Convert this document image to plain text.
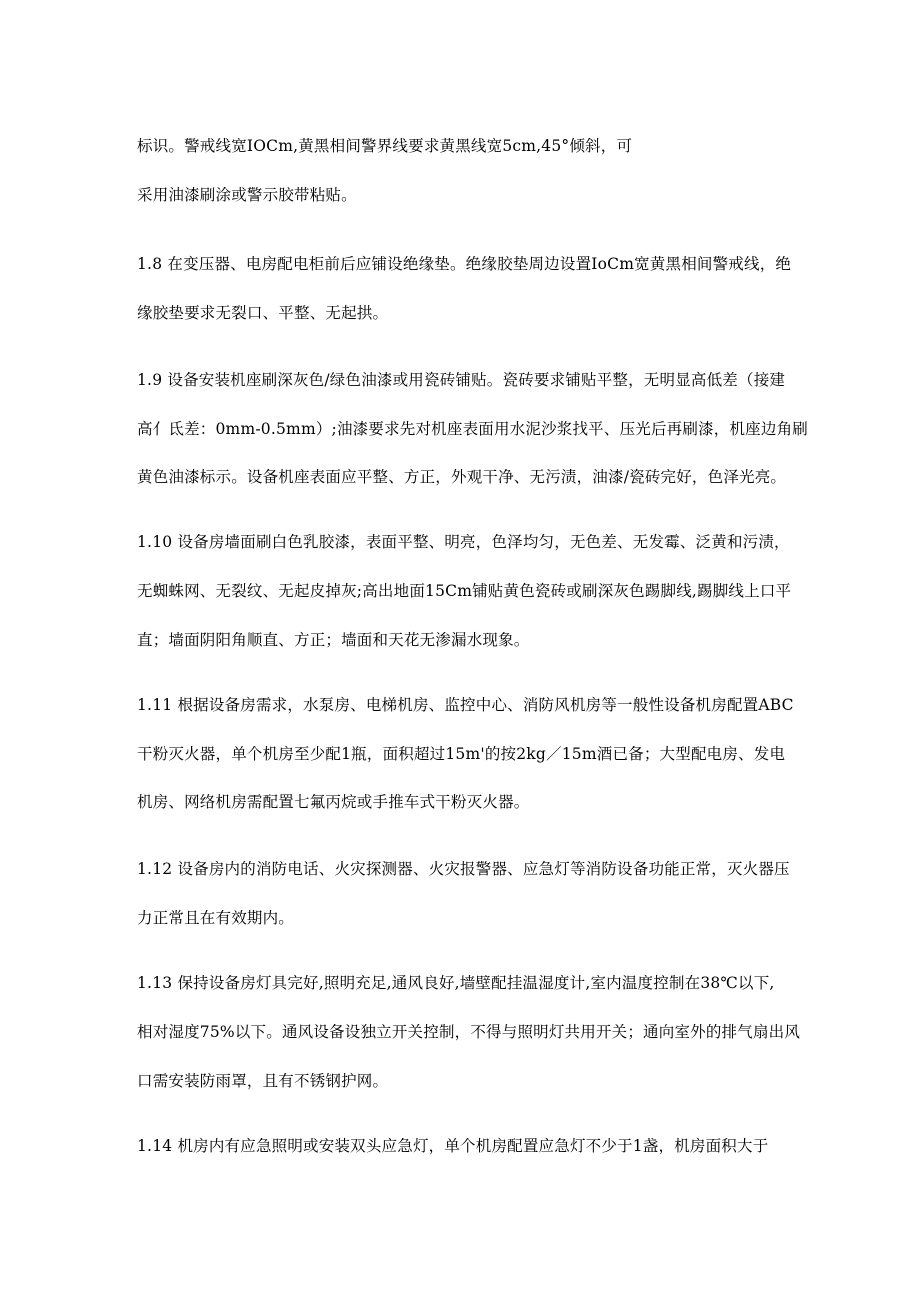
标识。警戒线宽IOCm,黄黑相间警界线要求黄黑线宽5cm,45°倾斜，可
采用油漆刷涂或警示胶带粘贴。
1.8 在变压器、电房配电柜前后应铺设绝缘垫。绝缘胶垫周边设置IoCm宽黄黑相间警戒线，绝
缘胶垫要求无裂口、平整、无起拱。
1.9 设备安装机座刷深灰色/绿色油漆或用瓷砖铺贴。瓷砖要求铺贴平整，无明显高低差（接建
高亻氐差：0mm-0.5mm）;油漆要求先对机座表面用水泥沙浆找平、压光后再刷漆，机座边角刷
黄色油漆标示。设备机座表面应平整、方正，外观干净、无污渍，油漆/瓷砖完好，色泽光亮。
1.10 设备房墙面刷白色乳胶漆，表面平整、明亮，色泽均匀，无色差、无发霉、泛黄和污渍，
无蜘蛛网、无裂纹、无起皮掉灰;高出地面15Cm铺贴黄色瓷砖或刷深灰色踢脚线,踢脚线上口平
直；墙面阴阳角顺直、方正；墙面和天花无渗漏水现象。
1.11 根据设备房需求，水泵房、电梯机房、监控中心、消防风机房等一般性设备机房配置ABC
干粉灭火器，单个机房至少配1瓶，面积超过15m'的按2kg／15m酒已备；大型配电房、发电
机房、网络机房需配置七氟丙烷或手推车式干粉灭火器。
1.12 设备房内的消防电话、火灾探测器、火灾报警器、应急灯等消防设备功能正常，灭火器压
力正常且在有效期内。
1.13 保持设备房灯具完好,照明充足,通风良好,墙壁配挂温湿度计,室内温度控制在38℃以下,
相对湿度75%以下。通风设备设独立开关控制，不得与照明灯共用开关；通向室外的排气扇出风
口需安装防雨罩，且有不锈钢护网。
1.14 机房内有应急照明或安装双头应急灯，单个机房配置应急灯不少于1盏，机房面积大于
